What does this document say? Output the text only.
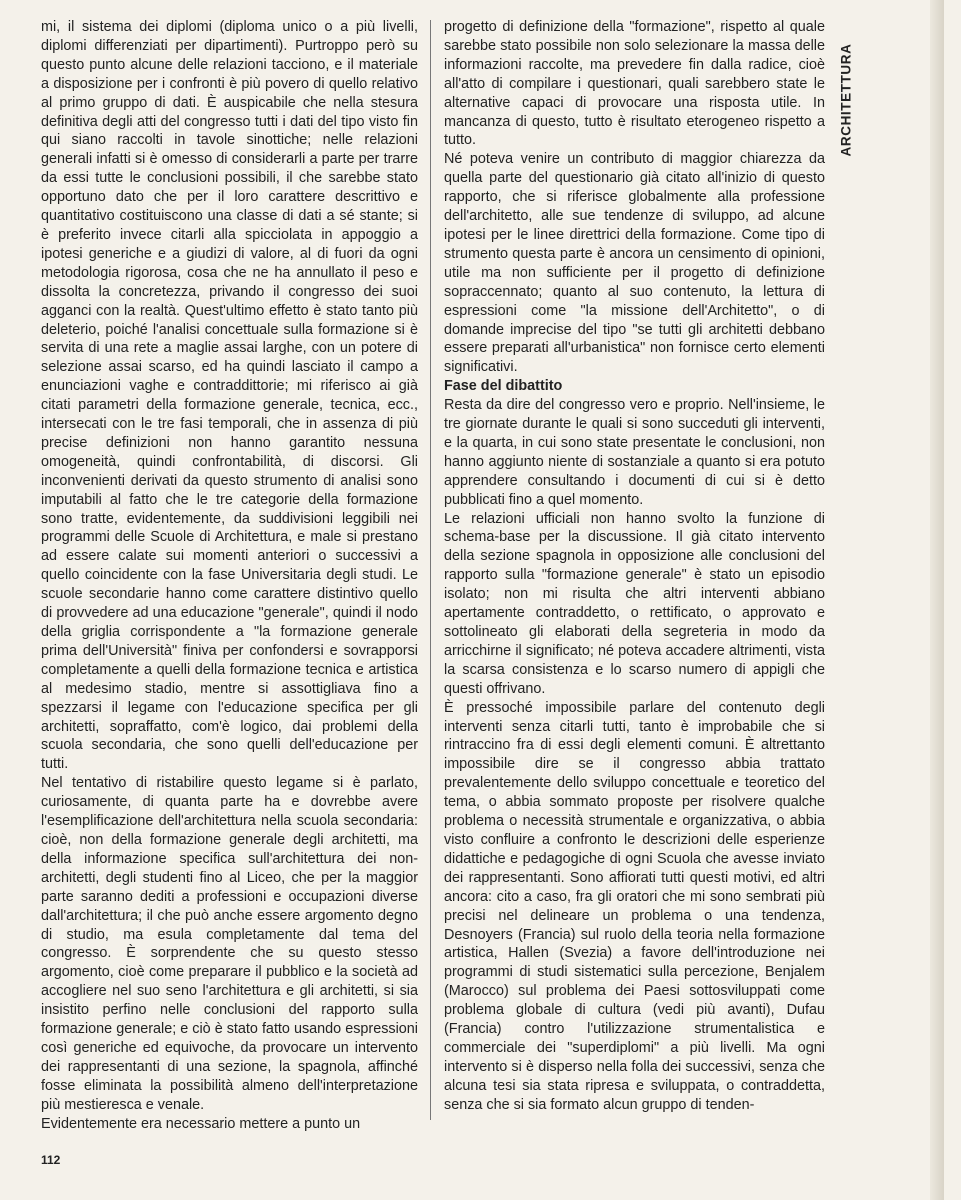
mi, il sistema dei diplomi (diploma unico o a più livelli, diplomi differenziati per dipartimenti). Purtroppo però su questo punto alcune delle relazioni tacciono, e il materiale a disposizione per i confronti è più povero di quello relativo al primo gruppo di dati. È auspicabile che nella stesura definitiva degli atti del congresso tutti i dati del tipo visto fin qui siano raccolti in tavole sinottiche; nelle relazioni generali infatti si è omesso di considerarli a parte per trarre da essi tutte le conclusioni possibili, il che sarebbe stato opportuno dato che per il loro carattere descrittivo e quantitativo costituiscono una classe di dati a sé stante; si è preferito invece citarli alla spicciolata in appoggio a ipotesi generiche e a giudizi di valore, al di fuori da ogni metodologia rigorosa, cosa che ne ha annullato il peso e dissolta la concretezza, privando il congresso dei suoi agganci con la realtà. Quest'ultimo effetto è stato tanto più deleterio, poiché l'analisi concettuale sulla formazione si è servita di una rete a maglie assai larghe, con un potere di selezione assai scarso, ed ha quindi lasciato il campo a enunciazioni vaghe e contraddittorie; mi riferisco ai già citati parametri della formazione generale, tecnica, ecc., intersecati con le tre fasi temporali, che in assenza di più precise definizioni non hanno garantito nessuna omogeneità, quindi confrontabilità, di discorsi. Gli inconvenienti derivati da questo strumento di analisi sono imputabili al fatto che le tre categorie della formazione sono tratte, evidentemente, da suddivisioni leggibili nei programmi delle Scuole di Architettura, e male si prestano ad essere calate sui momenti anteriori o successivi a quello coincidente con la fase Universitaria degli studi. Le scuole secondarie hanno come carattere distintivo quello di provvedere ad una educazione "generale", quindi il nodo della griglia corrispondente a "la formazione generale prima dell'Università" finiva per confondersi e sovrapporsi completamente a quelli della formazione tecnica e artistica al medesimo stadio, mentre si assottigliava fino a spezzarsi il legame con l'educazione specifica per gli architetti, sopraffatto, com'è logico, dai problemi della scuola secondaria, che sono quelli dell'educazione per tutti.

Nel tentativo di ristabilire questo legame si è parlato, curiosamente, di quanta parte ha e dovrebbe avere l'esemplificazione dell'architettura nella scuola secondaria: cioè, non della formazione generale degli architetti, ma della informazione specifica sull'architettura dei non-architetti, degli studenti fino al Liceo, che per la maggior parte saranno dediti a professioni e occupazioni diverse dall'architettura; il che può anche essere argomento degno di studio, ma esula completamente dal tema del congresso. È sorprendente che su questo stesso argomento, cioè come preparare il pubblico e la società ad accogliere nel suo seno l'architettura e gli architetti, si sia insistito perfino nelle conclusioni del rapporto sulla formazione generale; e ciò è stato fatto usando espressioni così generiche ed equivoche, da provocare un intervento dei rappresentanti di una sezione, la spagnola, affinché fosse eliminata la possibilità almeno dell'interpretazione più mestieresca e venale.

Evidentemente era necessario mettere a punto un

progetto di definizione della "formazione", rispetto al quale sarebbe stato possibile non solo selezionare la massa delle informazioni raccolte, ma prevedere fin dalla radice, cioè all'atto di compilare i questionari, quali sarebbero state le alternative capaci di provocare una risposta utile. In mancanza di questo, tutto è risultato eterogeneo rispetto a tutto.

Né poteva venire un contributo di maggior chiarezza da quella parte del questionario già citato all'inizio di questo rapporto, che si riferisce globalmente alla professione dell'architetto, alle sue tendenze di sviluppo, ad alcune ipotesi per le linee direttrici della formazione. Come tipo di strumento questa parte è ancora un censimento di opinioni, utile ma non sufficiente per il progetto di definizione sopraccennato; quanto al suo contenuto, la lettura di espressioni come "la missione dell'Architetto", o di domande imprecise del tipo "se tutti gli architetti debbano essere preparati all'urbanistica" non fornisce certo elementi significativi.

Fase del dibattito

Resta da dire del congresso vero e proprio. Nell'insieme, le tre giornate durante le quali si sono succeduti gli interventi, e la quarta, in cui sono state presentate le conclusioni, non hanno aggiunto niente di sostanziale a quanto si era potuto apprendere consultando i documenti di cui si è detto pubblicati fino a quel momento.

Le relazioni ufficiali non hanno svolto la funzione di schema-base per la discussione. Il già citato intervento della sezione spagnola in opposizione alle conclusioni del rapporto sulla "formazione generale" è stato un episodio isolato; non mi risulta che altri interventi abbiano apertamente contraddetto, o rettificato, o approvato e sottolineato gli elaborati della segreteria in modo da arricchirne il significato; né poteva accadere altrimenti, vista la scarsa consistenza e lo scarso numero di appigli che questi offrivano.

È pressoché impossibile parlare del contenuto degli interventi senza citarli tutti, tanto è improbabile che si rintraccino fra di essi degli elementi comuni. È altrettanto impossibile dire se il congresso abbia trattato prevalentemente dello sviluppo concettuale e teoretico del tema, o abbia sommato proposte per risolvere qualche problema o necessità strumentale e organizzativa, o abbia visto confluire a confronto le descrizioni delle esperienze didattiche e pedagogiche di ogni Scuola che avesse inviato dei rappresentanti. Sono affiorati tutti questi motivi, ed altri ancora: cito a caso, fra gli oratori che mi sono sembrati più precisi nel delineare un problema o una tendenza, Desnoyers (Francia) sul ruolo della teoria nella formazione artistica, Hallen (Svezia) a favore dell'introduzione nei programmi di studi sistematici sulla percezione, Benjalem (Marocco) sul problema dei Paesi sottosviluppati come problema globale di cultura (vedi più avanti), Dufau (Francia) contro l'utilizzazione strumentalistica e commerciale dei "superdiplomi" a più livelli. Ma ogni intervento si è disperso nella folla dei successivi, senza che alcuna tesi sia stata ripresa e sviluppata, o contraddetta, senza che si sia formato alcun gruppo di tenden-

ARCHITETTURA
112
